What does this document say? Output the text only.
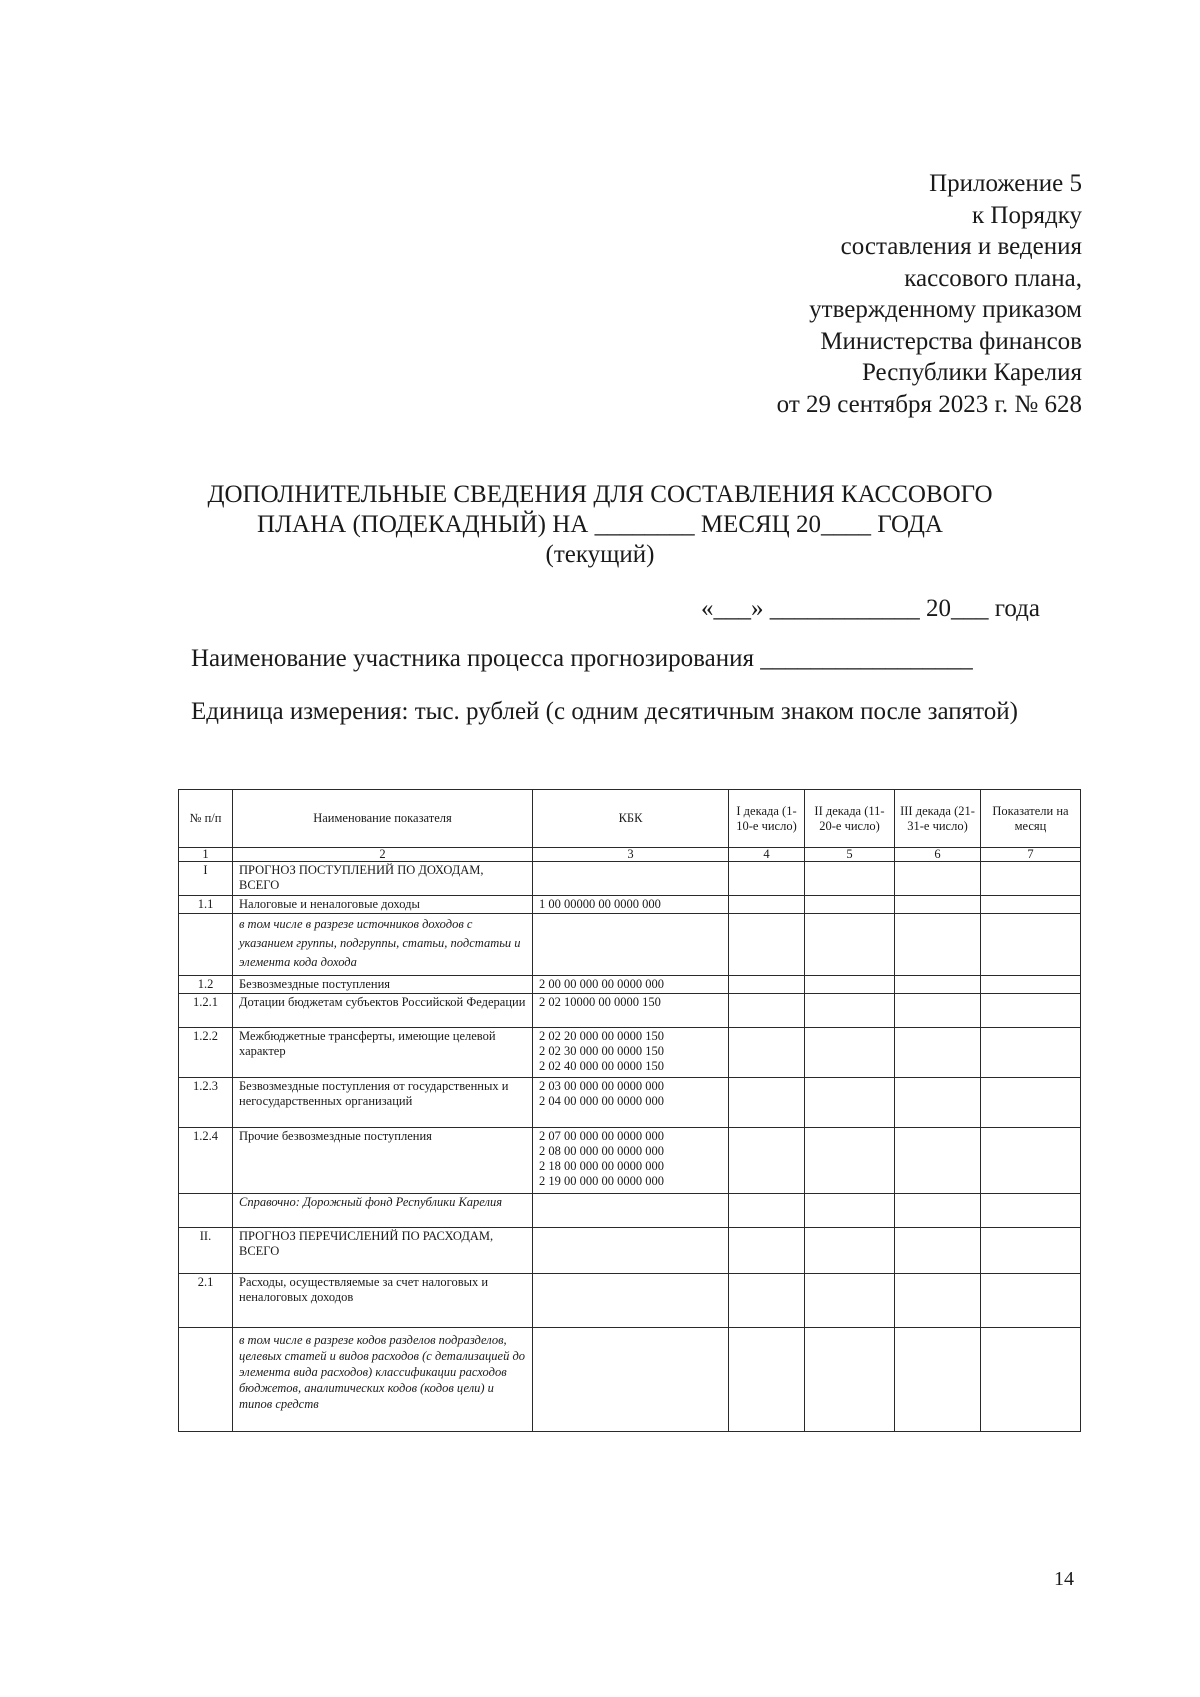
Приложение 5
к Порядку
составления и ведения
кассового плана,
утвержденному приказом
Министерства финансов
Республики Карелия
от 29 сентября 2023 г. № 628
ДОПОЛНИТЕЛЬНЫЕ СВЕДЕНИЯ ДЛЯ СОСТАВЛЕНИЯ КАССОВОГО
ПЛАНА (ПОДЕКАДНЫЙ) НА ________ МЕСЯЦ 20____ ГОДА
(текущий)
«___» ____________ 20___ года
Наименование участника процесса прогнозирования _________________
Единица измерения: тыс. рублей (с одним десятичным знаком после запятой)
№ п/п	Наименование показателя	КБК	I декада (1-10-е число)	II декада (11-20-е число)	III декада (21-31-е число)	Показатели на месяц
1	2	3	4	5	6	7
I	ПРОГНОЗ ПОСТУПЛЕНИЙ ПО ДОХОДАМ, ВСЕГО					
1.1	Налоговые и неналоговые доходы	1 00 00000 00 0000 000				

	в том числе в разрезе источников доходов с указанием группы, подгруппы, статьи, подстатьи и элемента кода дохода					
1.2	Безвозмездные поступления	2 00 00 000 00 0000 000				

1.2.1	Дотации бюджетам субъектов Российской Федерации	2 02 10000 00 0000 150				

1.2.2	Межбюджетные трансферты, имеющие целевой характер	2 02 20 000 00 0000 150
2 02 30 000 00 0000 150
2 02 40 000 00 0000 150				

1.2.3	Безвозмездные поступления от государственных и негосударственных организаций	2 03 00 000 00 0000 000
2 04 00 000 00 0000 000				

1.2.4	Прочие безвозмездные поступления	2 07 00 000 00 0000 000
2 08 00 000 00 0000 000
2 18 00 000 00 0000 000
2 19 00 000 00 0000 000				

	Справочно: Дорожный фонд Республики Карелия					
II.	ПРОГНОЗ ПЕРЕЧИСЛЕНИЙ ПО РАСХОДАМ, ВСЕГО					
2.1	Расходы, осуществляемые за счет налоговых и неналоговых доходов					
	в том числе в разрезе кодов разделов подразделов, целевых статей и видов расходов (с детализацией до элемента вида расходов) классификации расходов бюджетов, аналитических кодов (кодов цели) и типов средств					
14
